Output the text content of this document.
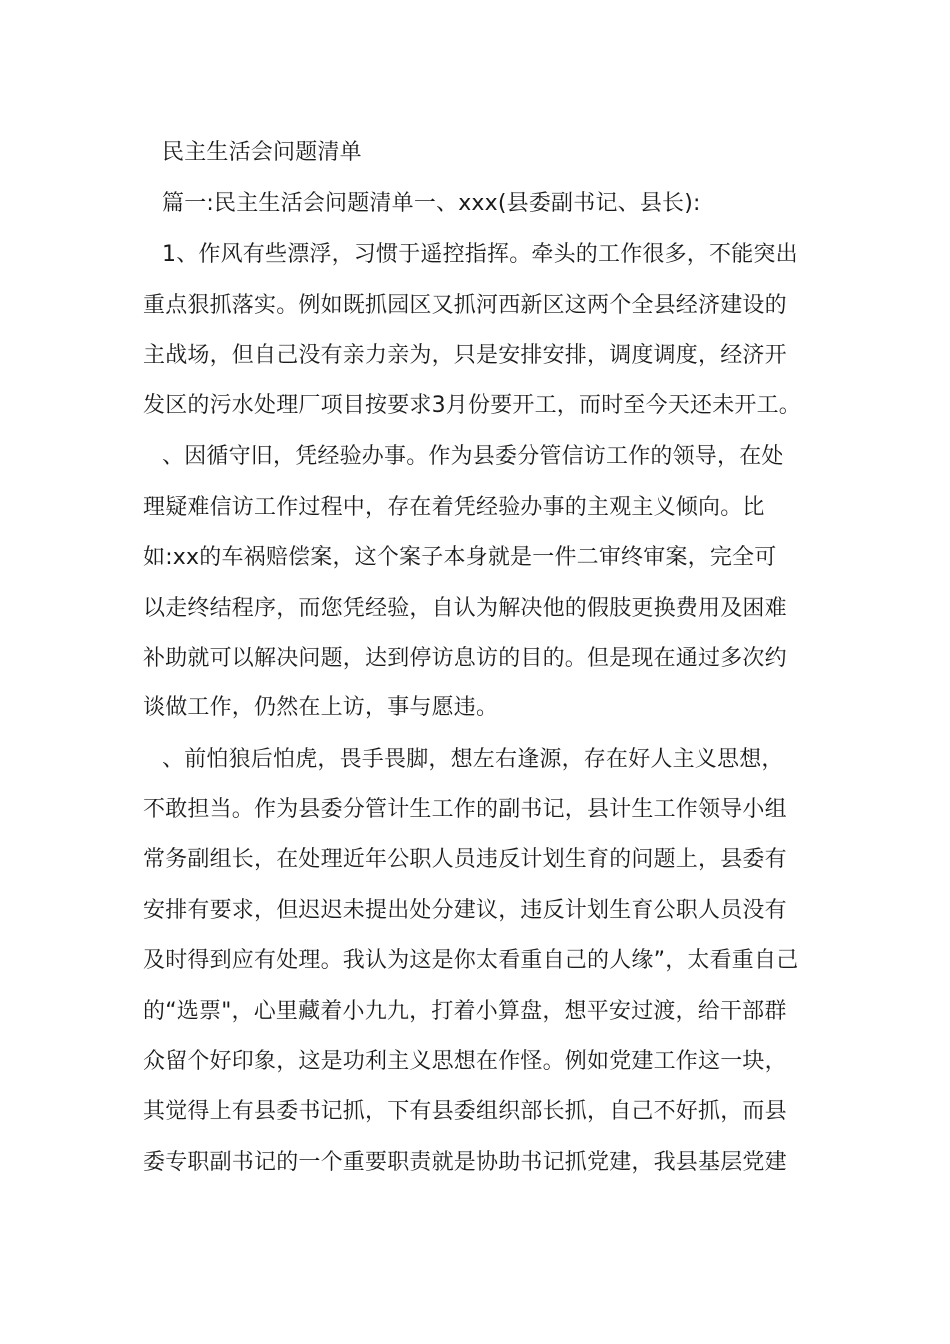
民主生活会问题清单
篇一:民主生活会问题清单一、xxx(县委副书记、县长):
1、作风有些漂浮，习惯于遥控指挥。牵头的工作很多，不能突出
重点狠抓落实。例如既抓园区又抓河西新区这两个全县经济建设的
主战场，但自己没有亲力亲为，只是安排安排，调度调度，经济开
发区的污水处理厂项目按要求3月份要开工，而时至今天还未开工。
、因循守旧，凭经验办事。作为县委分管信访工作的领导，在处
理疑难信访工作过程中，存在着凭经验办事的主观主义倾向。比
如:xx的车祸赔偿案，这个案子本身就是一件二审终审案，完全可
以走终结程序，而您凭经验，自认为解决他的假肢更换费用及困难
补助就可以解决问题，达到停访息访的目的。但是现在通过多次约
谈做工作，仍然在上访，事与愿违。
、前怕狼后怕虎，畏手畏脚，想左右逢源，存在好人主义思想，
不敢担当。作为县委分管计生工作的副书记，县计生工作领导小组
常务副组长，在处理近年公职人员违反计划生育的问题上，县委有
安排有要求，但迟迟未提出处分建议，违反计划生育公职人员没有
及时得到应有处理。我认为这是你太看重自己的人缘”，太看重自己
的“选票"，心里藏着小九九，打着小算盘，想平安过渡，给干部群
众留个好印象，这是功利主义思想在作怪。例如党建工作这一块，
其觉得上有县委书记抓，下有县委组织部长抓，自己不好抓，而县
委专职副书记的一个重要职责就是协助书记抓党建，我县基层党建
